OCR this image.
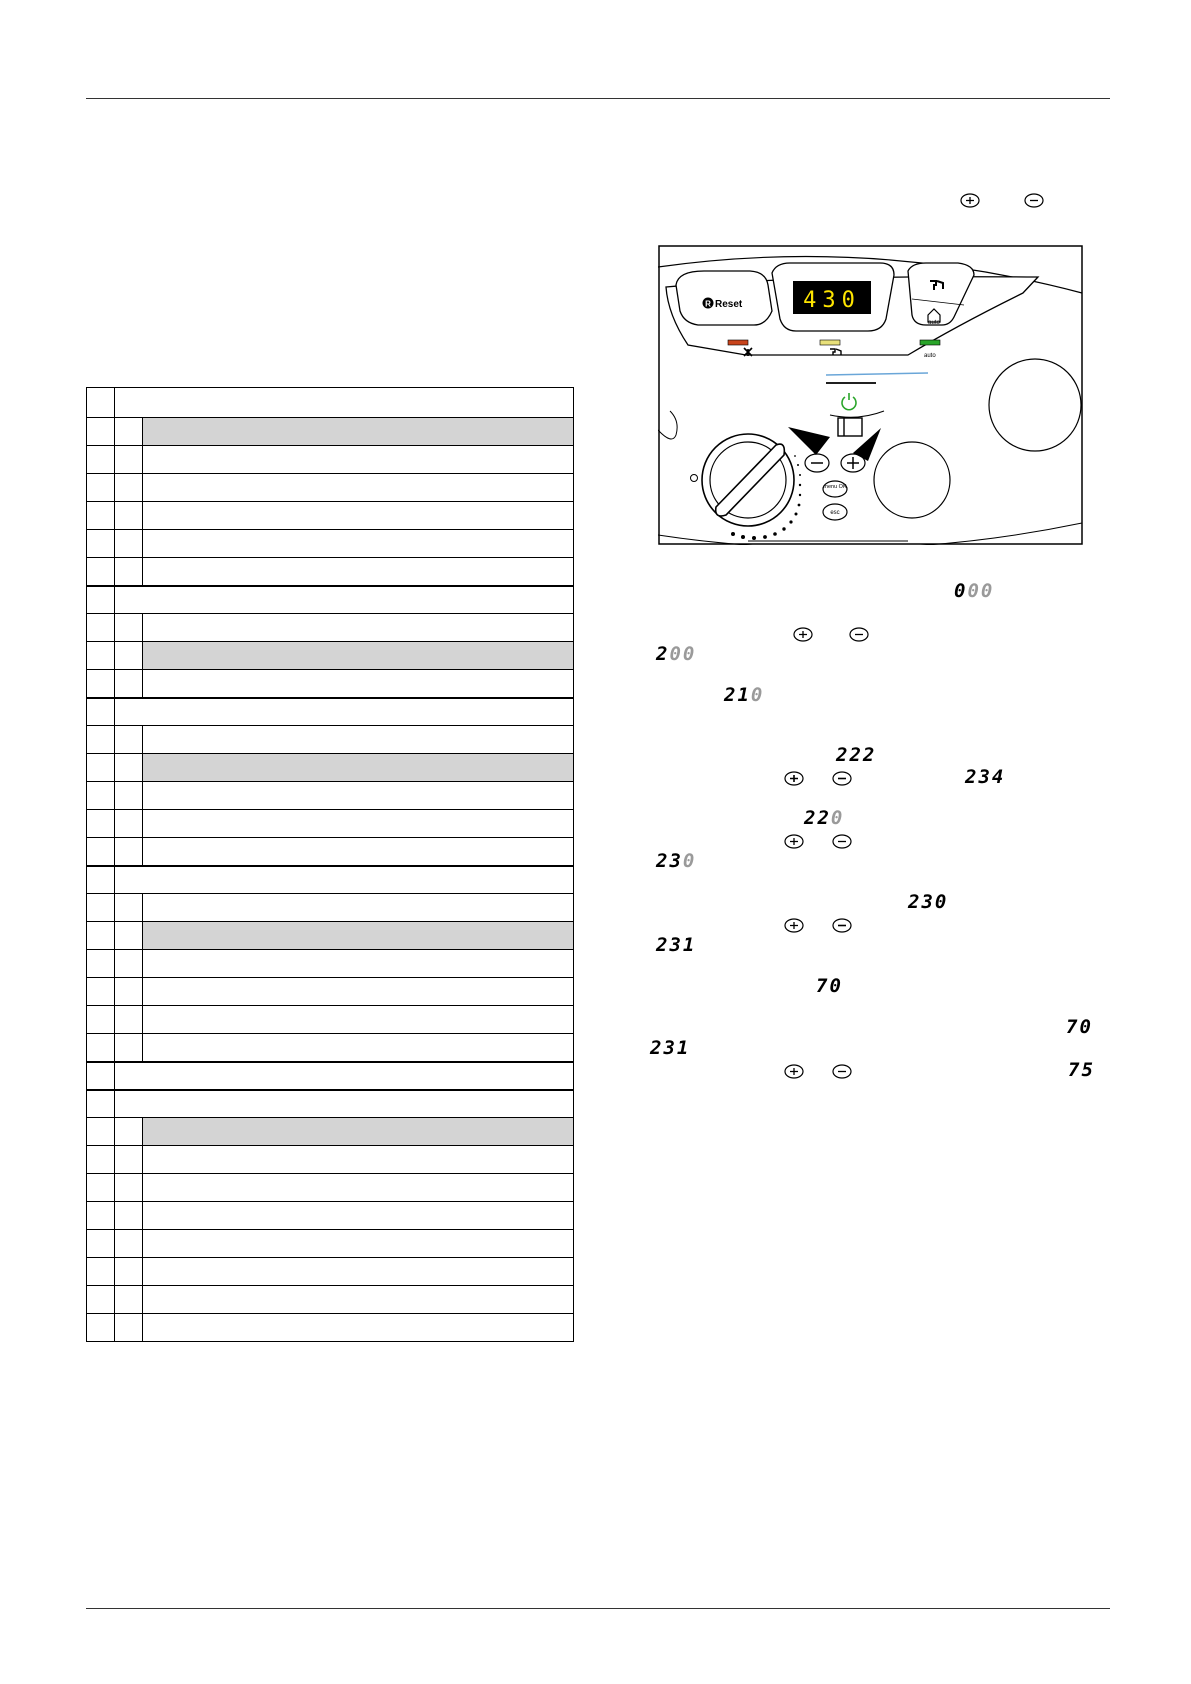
R Reset	430
auto
auto
menu OK
esc
000
200
210
222
234
220
230
230
231
70
70
231
75
